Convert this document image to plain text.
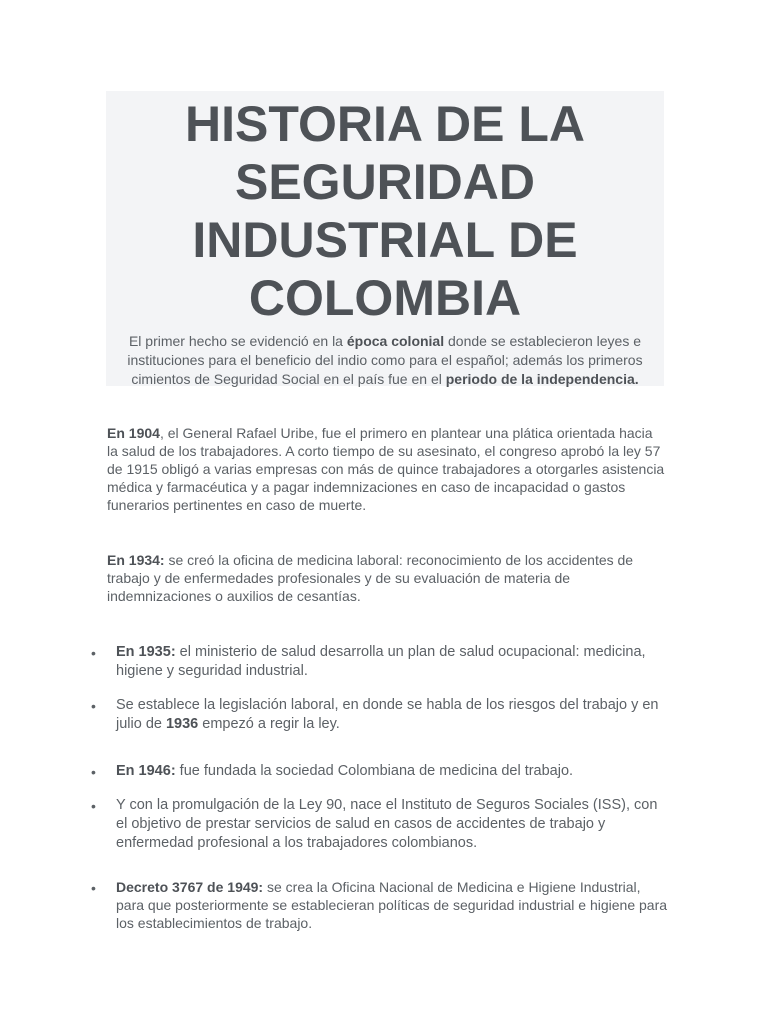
HISTORIA DE LA
SEGURIDAD
INDUSTRIAL DE
COLOMBIA

El primer hecho se evidenció en la época colonial donde se establecieron leyes e instituciones para el beneficio del indio como para el español; además los primeros cimientos de Seguridad Social en el país fue en el periodo de la independencia.

En 1904, el General Rafael Uribe, fue el primero en plantear una plática orientada hacia la salud de los trabajadores. A corto tiempo de su asesinato, el congreso aprobó la ley 57 de 1915 obligó a varias empresas con más de quince trabajadores a otorgarles asistencia médica y farmacéutica y a pagar indemnizaciones en caso de incapacidad o gastos funerarios pertinentes en caso de muerte.

En 1934: se creó la oficina de medicina laboral: reconocimiento de los accidentes de trabajo y de enfermedades profesionales y de su evaluación de materia de indemnizaciones o auxilios de cesantías.

• En 1935: el ministerio de salud desarrolla un plan de salud ocupacional: medicina, higiene y seguridad industrial.

• Se establece la legislación laboral, en donde se habla de los riesgos del trabajo y en julio de 1936 empezó a regir la ley.

• En 1946: fue fundada la sociedad Colombiana de medicina del trabajo.

• Y con la promulgación de la Ley 90, nace el Instituto de Seguros Sociales (ISS), con el objetivo de prestar servicios de salud en casos de accidentes de trabajo y enfermedad profesional a los trabajadores colombianos.

• Decreto 3767 de 1949: se crea la Oficina Nacional de Medicina e Higiene Industrial, para que posteriormente se establecieran políticas de seguridad industrial e higiene para los establecimientos de trabajo.
